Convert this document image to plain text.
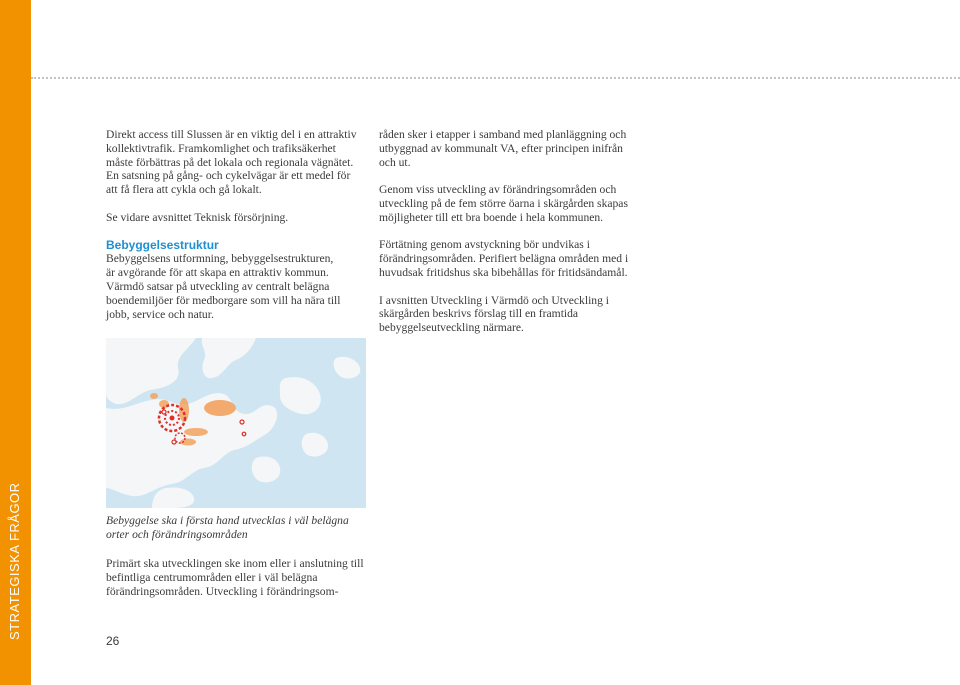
STRATEGISKA FRÅGOR

Direkt access till Slussen är en viktig del i en attraktiv kollektivtrafik. Framkomlighet och trafiksäkerhet måste förbättras på det lokala och regionala vägnätet. En satsning på gång- och cykelvägar är ett medel för att få flera att cykla och gå lokalt.

Se vidare avsnittet Teknisk försörjning.

Bebyggelsestruktur

Bebyggelsens utformning, bebyggelsestrukturen,
är avgörande för att skapa en attraktiv kommun.

Värmdö satsar på utveckling av centralt belägna boendemiljöer för medborgare som vill ha nära till jobb, service och natur.

råden sker i etapper i samband med planläggning och utbyggnad av kommunalt VA, efter principen inifrån och ut.

Genom viss utveckling av förändringsområden och utveckling på de fem större öarna i skärgården skapas möjligheter till ett bra boende i hela kommunen.

Förtätning genom avstyckning bör undvikas i förändringsområden. Perifiert belägna områden med i huvudsak fritidshus ska bibehållas för fritidsändamål.

I avsnitten Utveckling i Värmdö och Utveckling i skärgården beskrivs förslag till en framtida bebyggelseutveckling närmare.

Bebyggelse ska i första hand utvecklas i väl belägna orter och förändringsområden
Primärt ska utvecklingen ske inom eller i anslutning till befintliga centrumområden eller i väl belägna förändringsområden. Utveckling i förändringsom-
26
